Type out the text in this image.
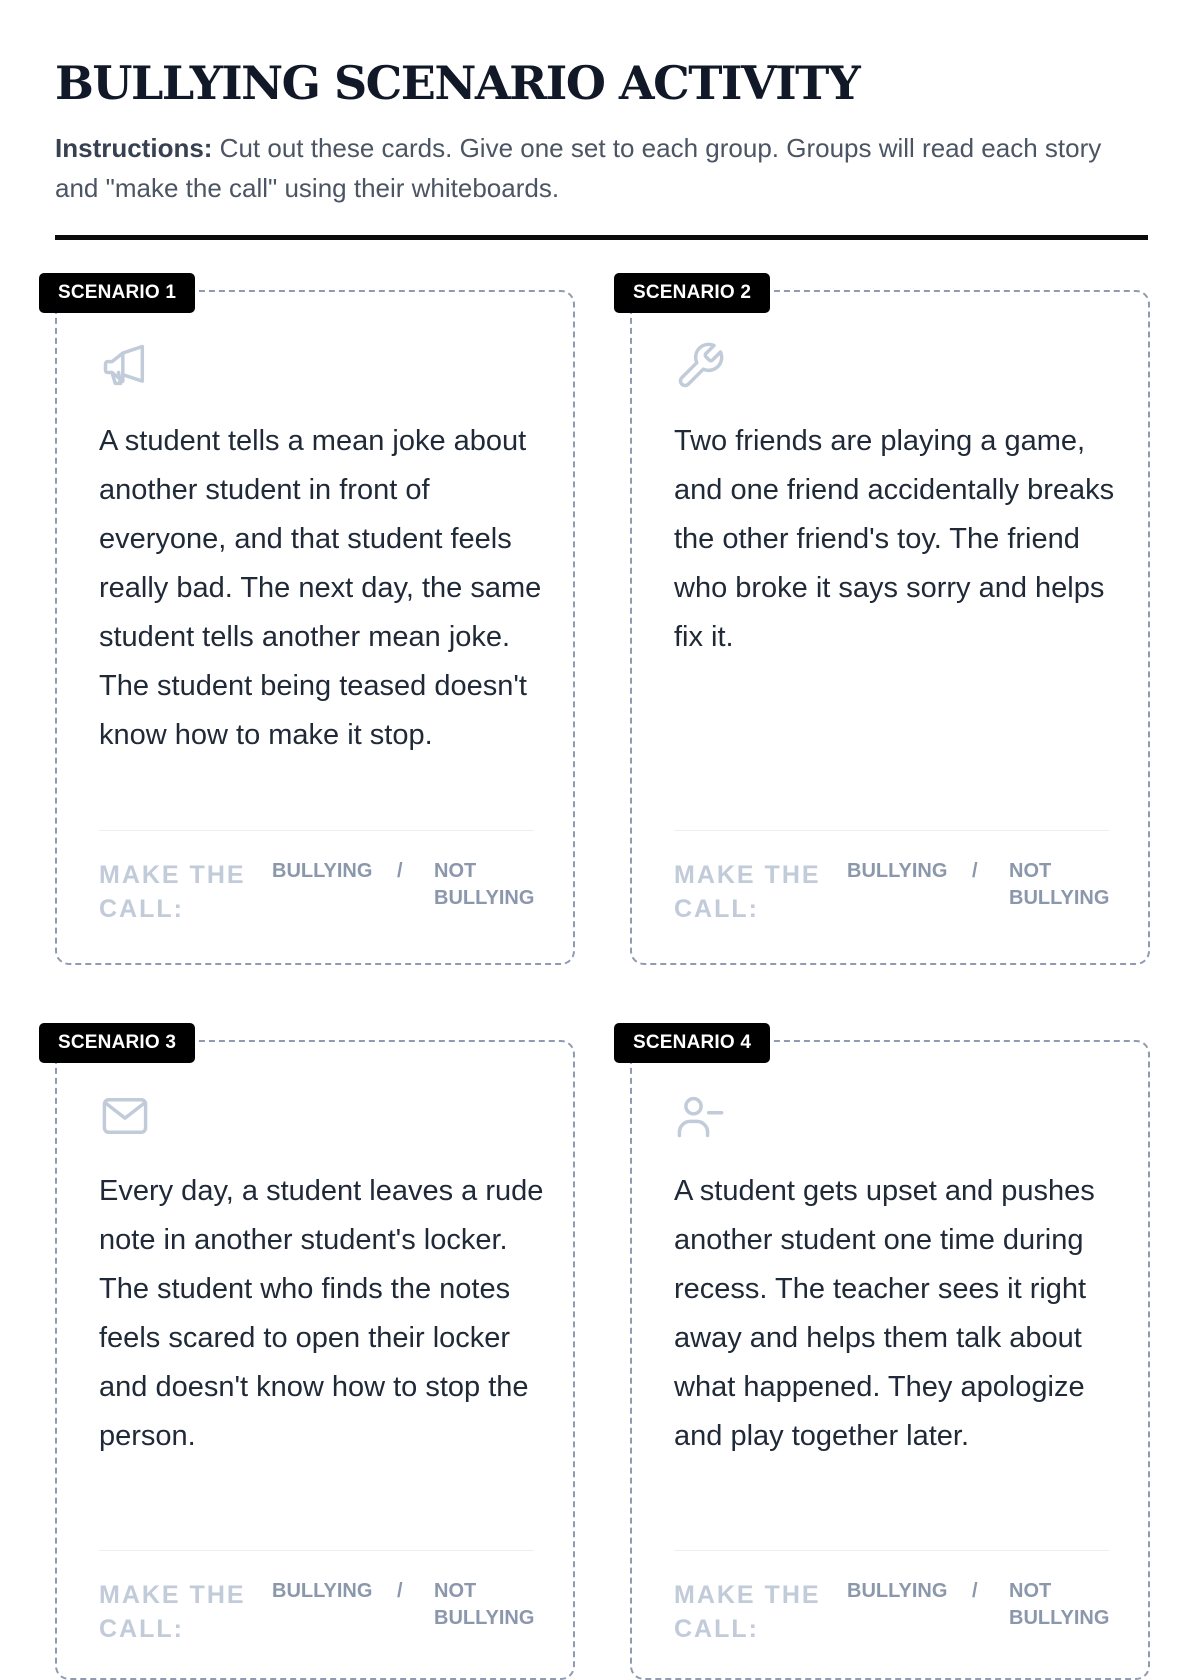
BULLYING SCENARIO ACTIVITY

Instructions: Cut out these cards. Give one set to each group. Groups will read each story and "make the call" using their whiteboards.

SCENARIO 1

A student tells a mean joke about another student in front of everyone, and that student feels really bad. The next day, the same student tells another mean joke. The student being teased doesn't know how to make it stop.

MAKE THE CALL:
BULLYING / NOT BULLYING
SCENARIO 2

Two friends are playing a game, and one friend accidentally breaks the other friend's toy. The friend who broke it says sorry and helps fix it.

MAKE THE CALL:
BULLYING / NOT BULLYING
SCENARIO 3

Every day, a student leaves a rude note in another student's locker. The student who finds the notes feels scared to open their locker and doesn't know how to stop the person.

MAKE THE CALL:
BULLYING / NOT BULLYING
SCENARIO 4

A student gets upset and pushes another student one time during recess. The teacher sees it right away and helps them talk about what happened. They apologize and play together later.

MAKE THE CALL:
BULLYING / NOT BULLYING
